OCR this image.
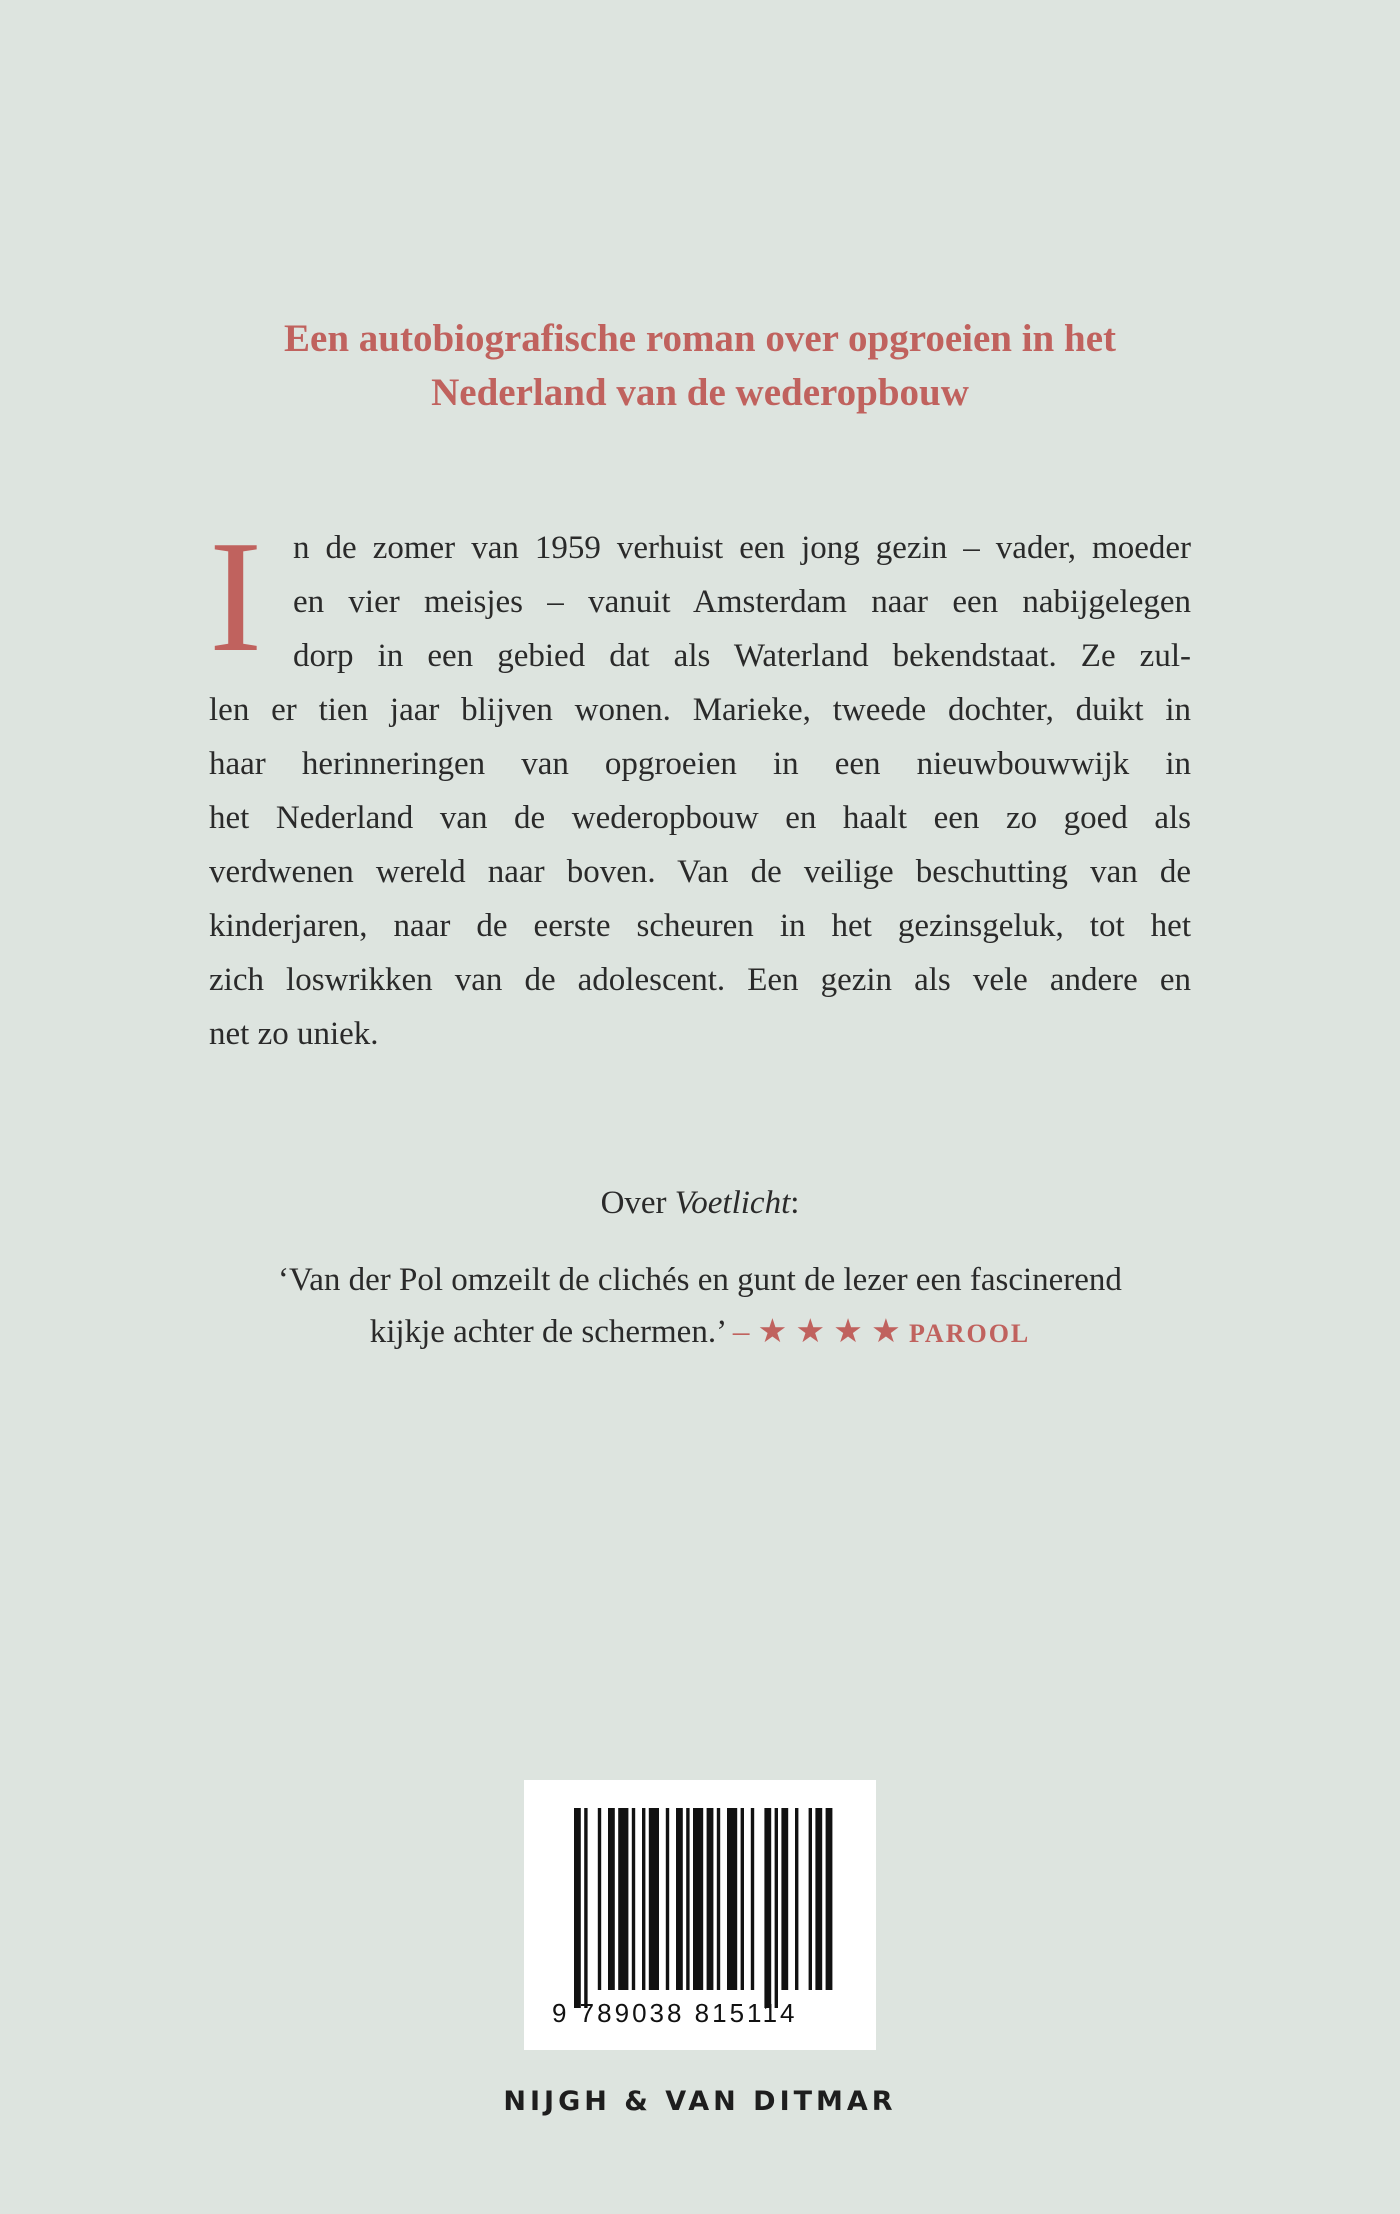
Een autobiografische roman over opgroeien in het
Nederland van de wederopbouw
I n de zomer van 1959 verhuist een jong gezin – vader, moeder
en vier meisjes – vanuit Amsterdam naar een nabijgelegen
dorp in een gebied dat als Waterland bekendstaat. Ze zul-
len er tien jaar blijven wonen. Marieke, tweede dochter, duikt in
haar herinneringen van opgroeien in een nieuwbouwwijk in
het Nederland van de wederopbouw en haalt een zo goed als
verdwenen wereld naar boven. Van de veilige beschutting van de
kinderjaren, naar de eerste scheuren in het gezinsgeluk, tot het
zich loswrikken van de adolescent. Een gezin als vele andere en
net zo uniek.
Over Voetlicht:
‘Van der Pol omzeilt de clichés en gunt de lezer een fascinerend
kijkje achter de schermen.’ – ★ ★ ★ ★ PAROOL
9 789038 815114
NIJGH & VAN DITMAR
